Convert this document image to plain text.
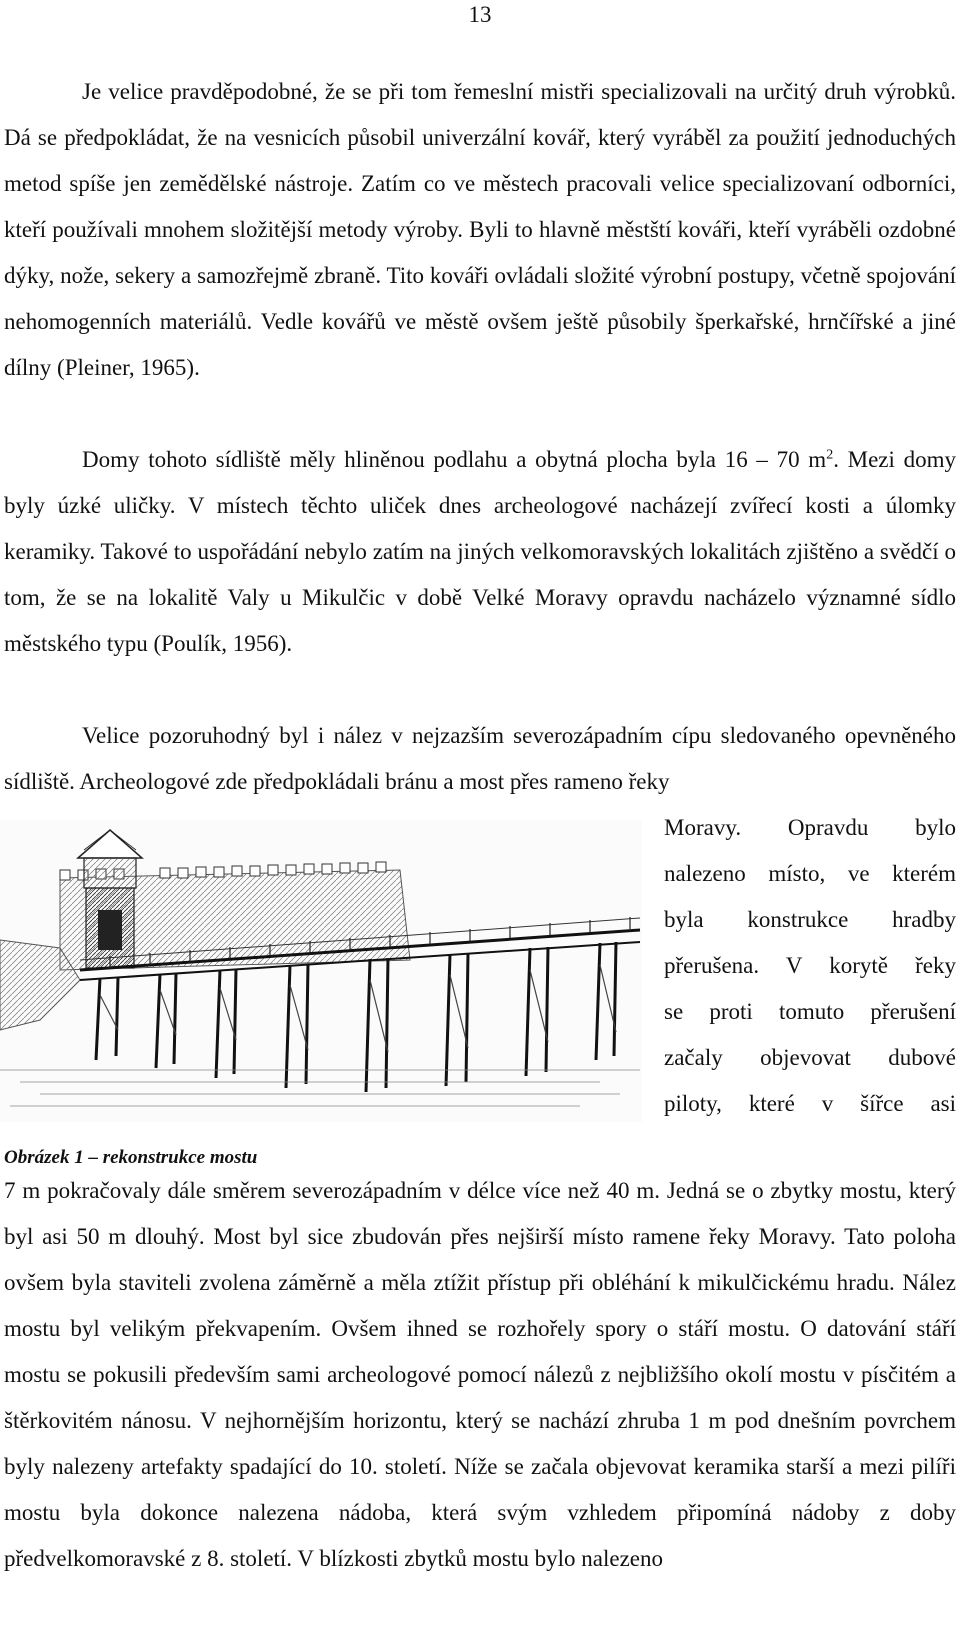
13

Je velice pravděpodobné, že se při tom řemeslní mistři specializovali na určitý druh výrobků. Dá se předpokládat, že na vesnicích působil univerzální kovář, který vyráběl za použití jednoduchých metod spíše jen zemědělské nástroje. Zatím co ve městech pracovali velice specializovaní odborníci, kteří používali mnohem složitější metody výroby. Byli to hlavně městští kováři, kteří vyráběli ozdobné dýky, nože, sekery a samozřejmě zbraně. Tito kováři ovládali složité výrobní postupy, včetně spojování nehomogenních materiálů. Vedle kovářů ve městě ovšem ještě působily šperkařské, hrnčířské a jiné dílny (Pleiner, 1965).

Domy tohoto sídliště měly hliněnou podlahu a obytná plocha byla 16 – 70 $m^2$. Mezi domy byly úzké uličky. V místech těchto uliček dnes archeologové nacházejí zvířecí kosti a úlomky keramiky. Takové to uspořádání nebylo zatím na jiných velkomoravských lokalitách zjištěno a svědčí o tom, že se na lokalitě Valy u Mikulčic v době Velké Moravy opravdu nacházelo významné sídlo městského typu (Poulík, 1956).

Velice pozoruhodný byl i nález v nejzazším severozápadním cípu sledovaného opevněného sídliště. Archeologové zde předpokládali bránu a most přes rameno řeky

Moravy. Opravdu bylo
nalezeno místo, ve kterém
byla konstrukce hradby
přerušena. V korytě řeky
se proti tomuto přerušení
začaly objevovat dubové
piloty, které v šířce asi
Obrázek 1 – rekonstrukce mostu

7 m pokračovaly dále směrem severozápadním v délce více než 40 m. Jedná se o zbytky mostu, který byl asi 50 m dlouhý. Most byl sice zbudován přes nejširší místo ramene řeky Moravy. Tato poloha ovšem byla staviteli zvolena záměrně a měla ztížit přístup při obléhání k mikulčickému hradu. Nález mostu byl velikým překvapením. Ovšem ihned se rozhořely spory o stáří mostu. O datování stáří mostu se pokusili především sami archeologové pomocí nálezů z nejbližšího okolí mostu v písčitém a štěrkovitém nánosu. V nejhornějším horizontu, který se nachází zhruba 1 m pod dnešním povrchem byly nalezeny artefakty spadající do 10. století. Níže se začala objevovat keramika starší a mezi pilíři mostu byla dokonce nalezena nádoba, která svým vzhledem připomíná nádoby z doby předvelkomoravské z 8. století. V blízkosti zbytků mostu bylo nalezeno
